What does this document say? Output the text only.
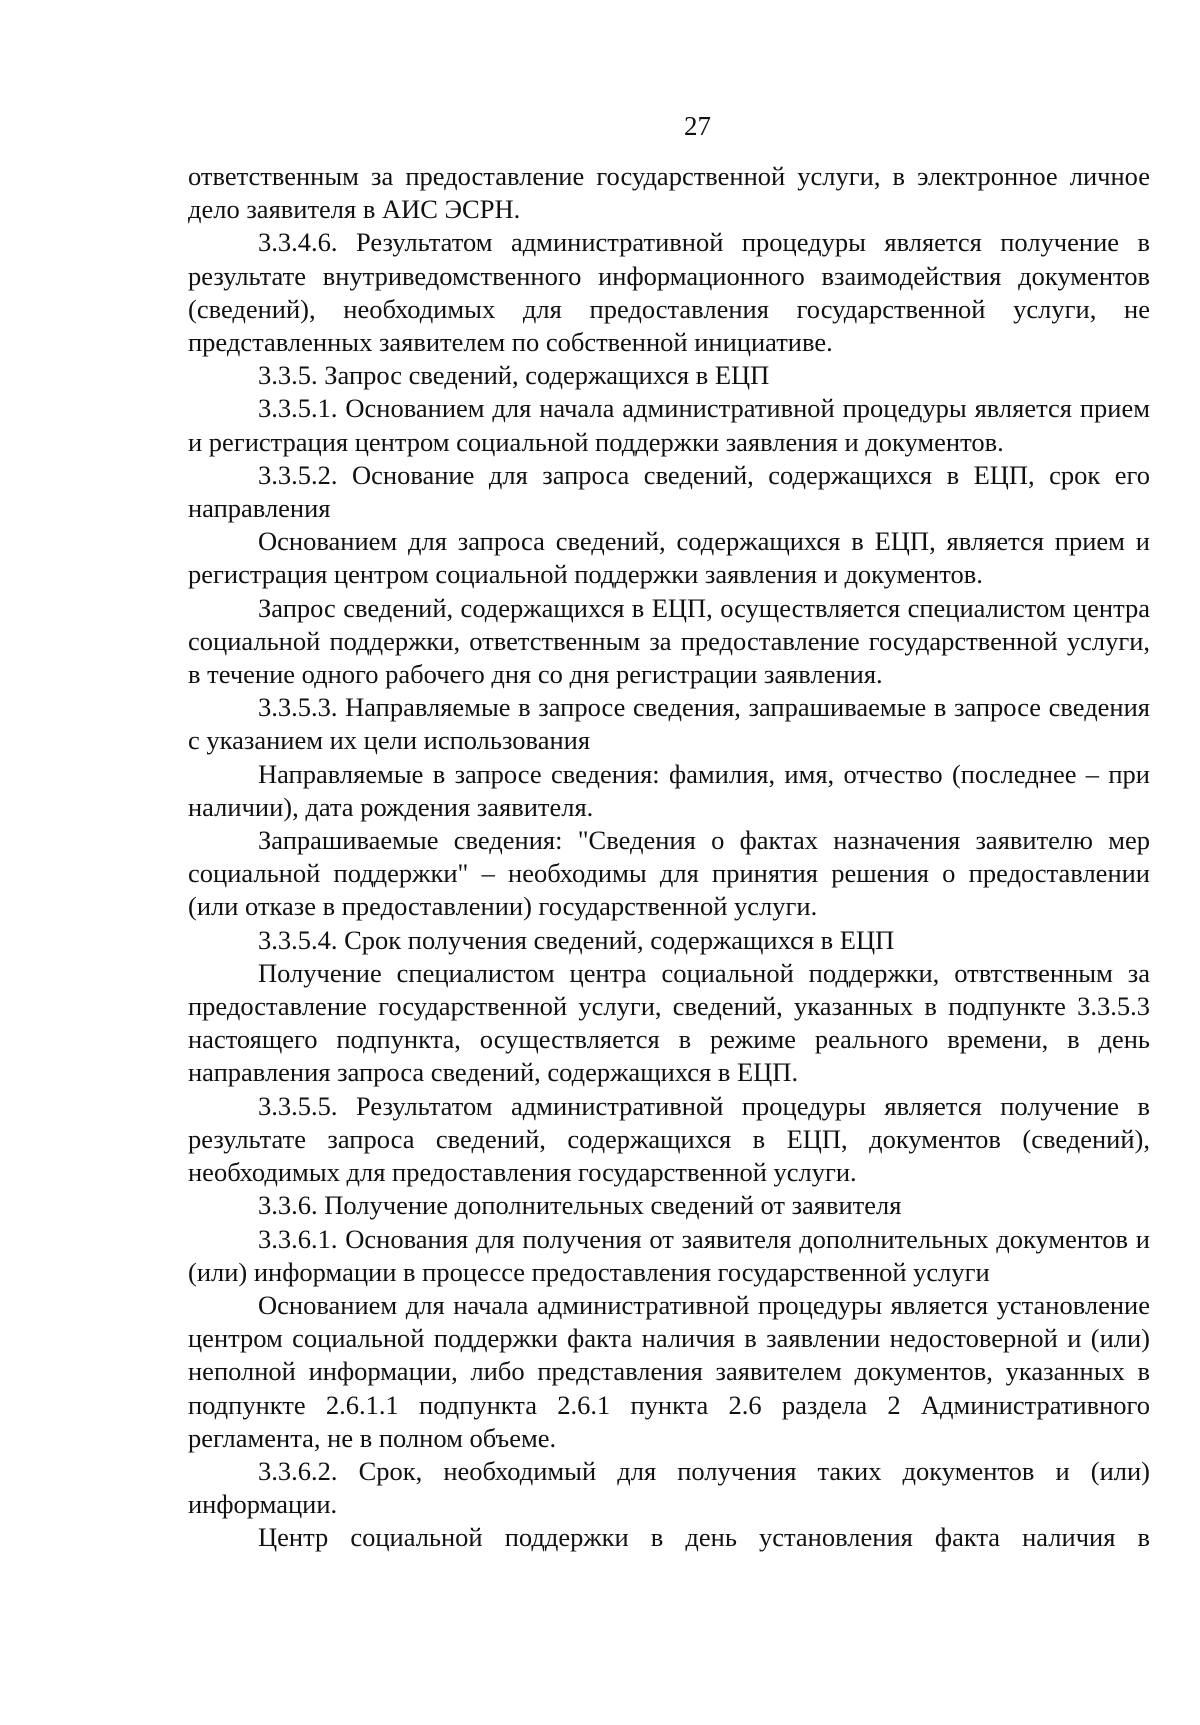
27

ответственным за предоставление государственной услуги, в электронное личное дело заявителя в АИС ЭСРН.

3.3.4.6. Результатом административной процедуры является получение в результате внутриведомственного информационного взаимодействия документов (сведений), необходимых для предоставления государственной услуги, не представленных заявителем по собственной инициативе.

3.3.5. Запрос сведений, содержащихся в ЕЦП

3.3.5.1. Основанием для начала административной процедуры является прием и регистрация центром социальной поддержки заявления и документов.

3.3.5.2. Основание для запроса сведений, содержащихся в ЕЦП, срок его направления

Основанием для запроса сведений, содержащихся в ЕЦП, является прием и регистрация центром социальной поддержки заявления и документов.

Запрос сведений, содержащихся в ЕЦП, осуществляется специалистом центра социальной поддержки, ответственным за предоставление государственной услуги, в течение одного рабочего дня со дня регистрации заявления.

3.3.5.3. Направляемые в запросе сведения, запрашиваемые в запросе сведения с указанием их цели использования

Направляемые в запросе сведения: фамилия, имя, отчество (последнее – при наличии), дата рождения заявителя.

Запрашиваемые сведения: "Сведения о фактах назначения заявителю мер социальной поддержки" – необходимы для принятия решения о предоставлении (или отказе в предоставлении) государственной услуги.

3.3.5.4. Срок получения сведений, содержащихся в ЕЦП

Получение специалистом центра социальной поддержки, отвтственным за предоставление государственной услуги, сведений, указанных в подпункте 3.3.5.3 настоящего подпункта, осуществляется в режиме реального времени, в день направления запроса сведений, содержащихся в ЕЦП.

3.3.5.5. Результатом административной процедуры является получение в результате запроса сведений, содержащихся в ЕЦП, документов (сведений), необходимых для предоставления государственной услуги.

3.3.6. Получение дополнительных сведений от заявителя

3.3.6.1. Основания для получения от заявителя дополнительных документов и (или) информации в процессе предоставления государственной услуги

Основанием для начала административной процедуры является установление центром социальной поддержки факта наличия в заявлении недостоверной и (или) неполной информации, либо представления заявителем документов, указанных в подпункте 2.6.1.1 подпункта 2.6.1 пункта 2.6 раздела 2 Административного регламента, не в полном объеме.

3.3.6.2. Срок, необходимый для получения таких документов и (или) информации.

Центр социальной поддержки в день установления факта наличия в
